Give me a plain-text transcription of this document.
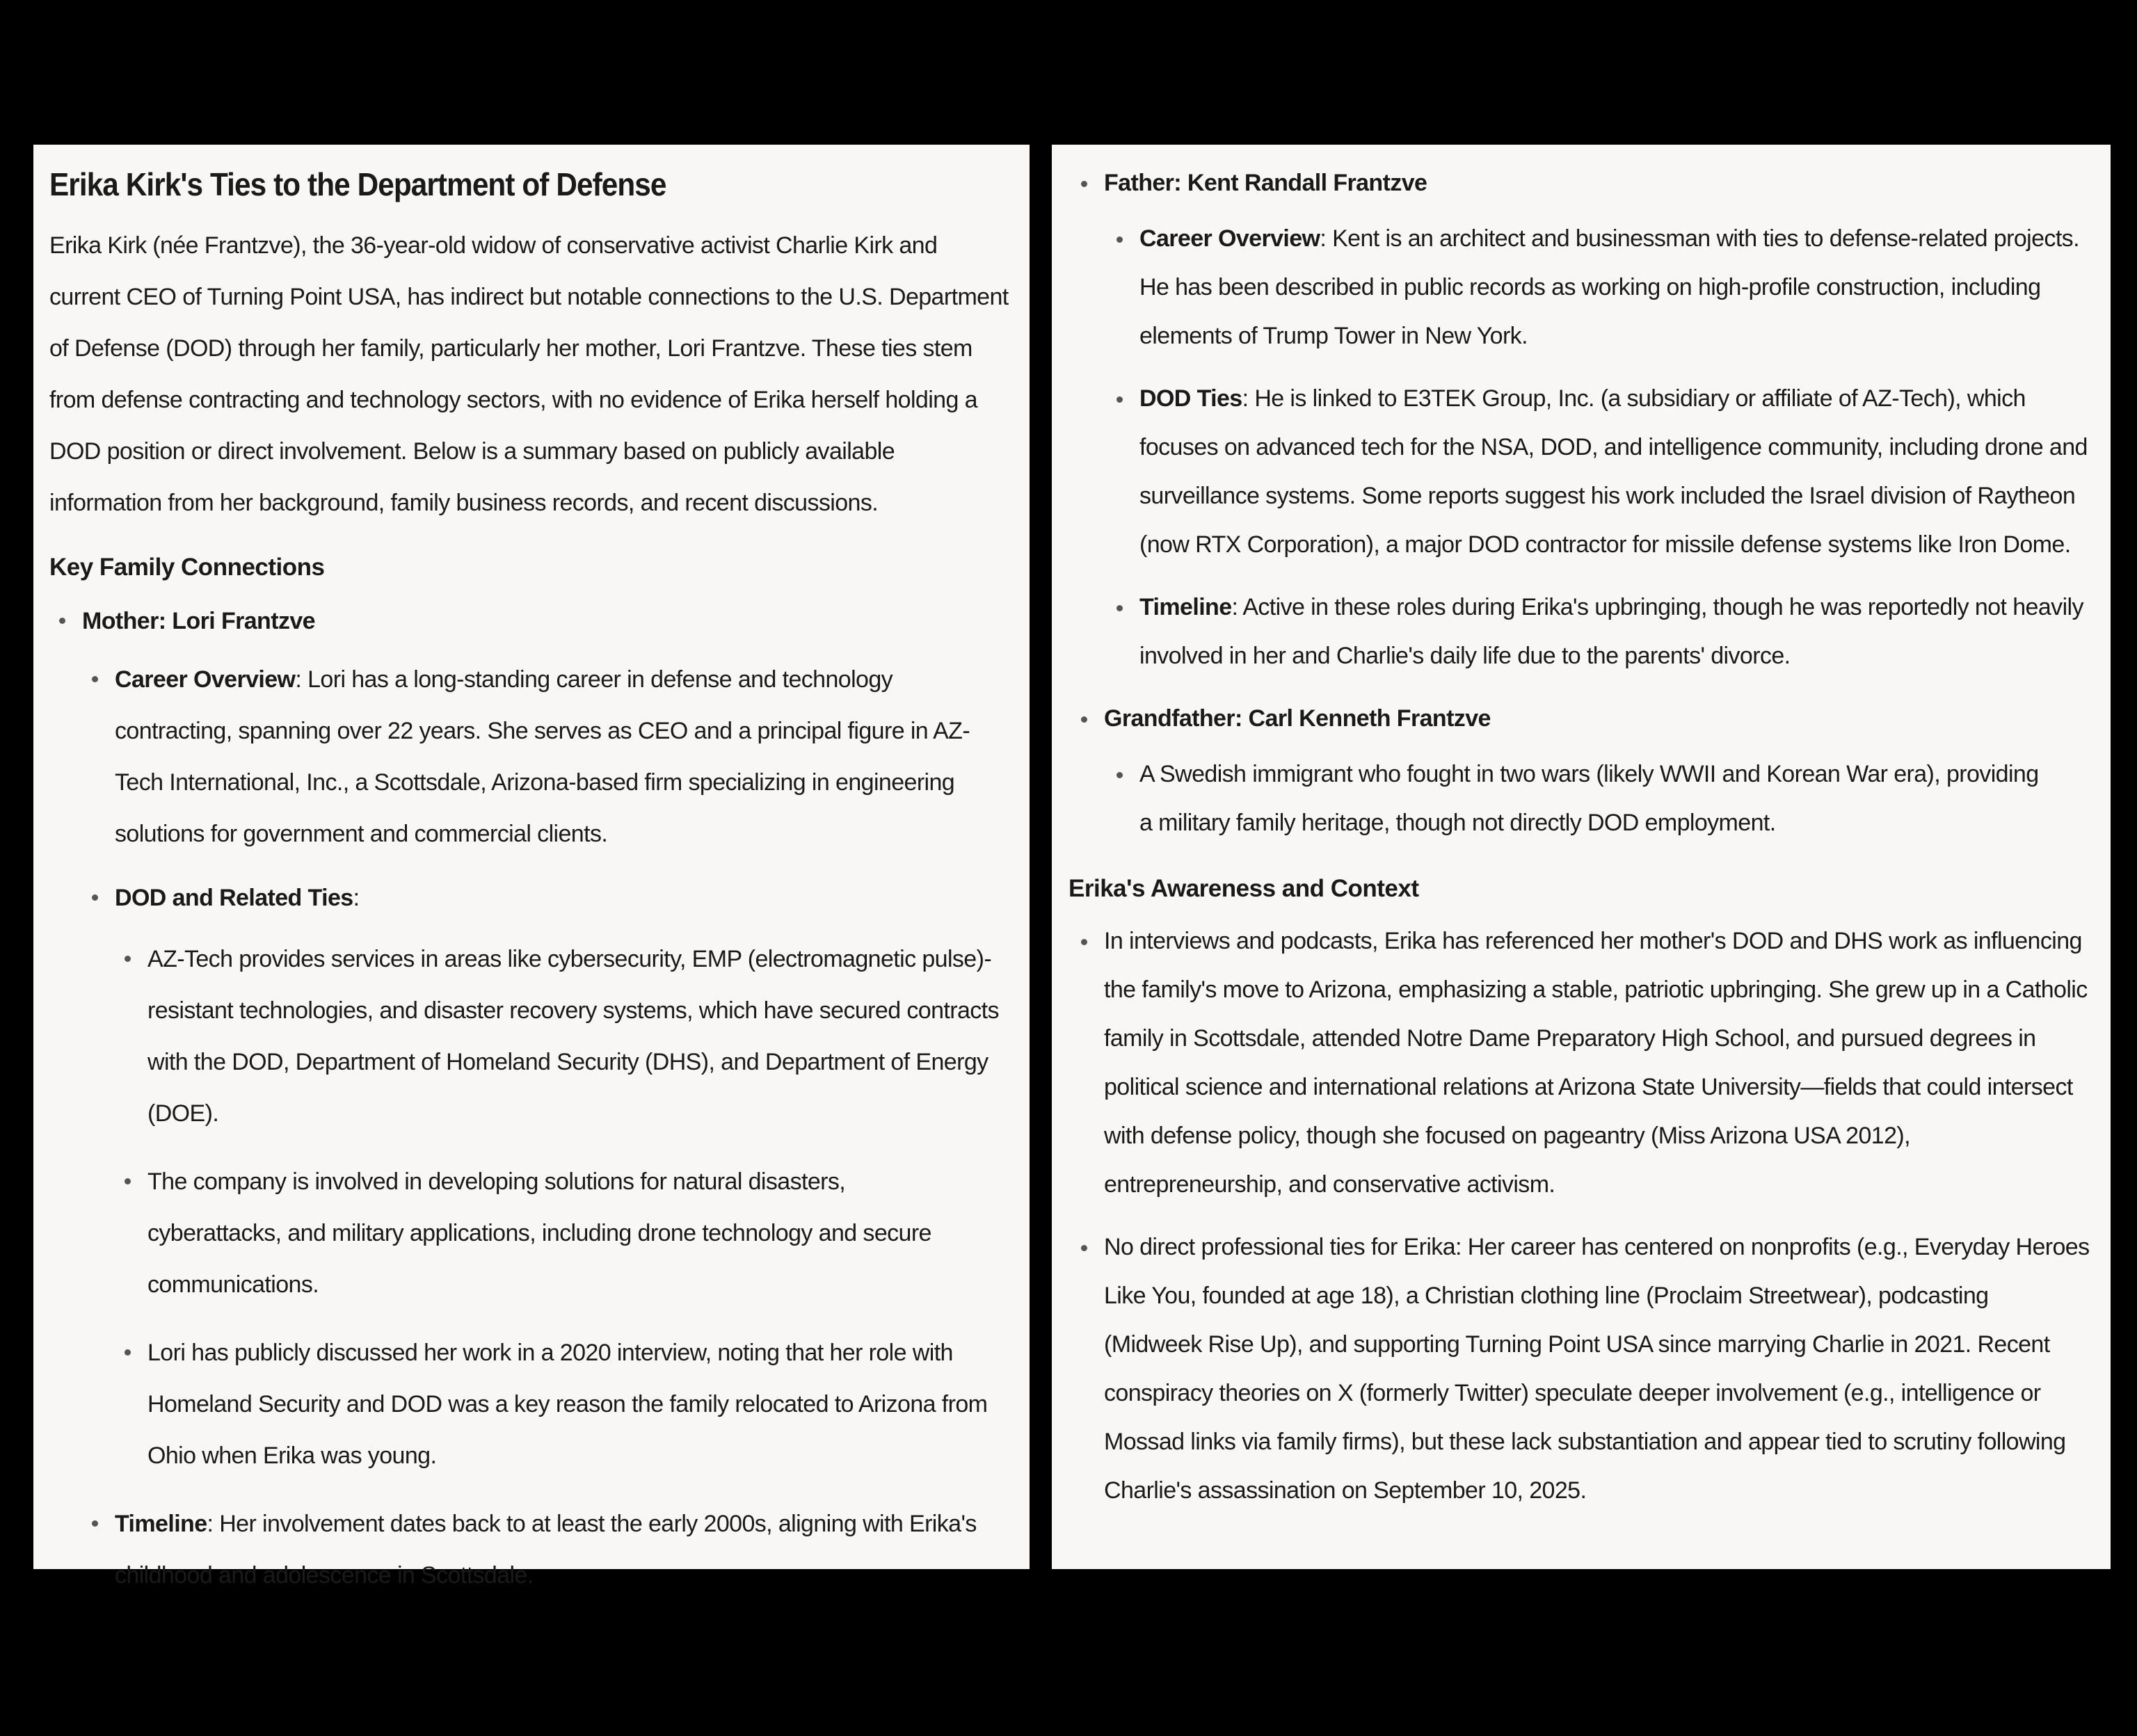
Erika Kirk's Ties to the Department of Defense

Erika Kirk (née Frantzve), the 36-year-old widow of conservative activist Charlie Kirk and current CEO of Turning Point USA, has indirect but notable connections to the U.S. Department of Defense (DOD) through her family, particularly her mother, Lori Frantzve. These ties stem from defense contracting and technology sectors, with no evidence of Erika herself holding a DOD position or direct involvement. Below is a summary based on publicly available information from her background, family business records, and recent discussions.

Key Family Connections
Mother: Lori Frantzve
Career Overview: Lori has a long-standing career in defense and technology contracting, spanning over 22 years. She serves as CEO and a principal figure in AZ-Tech International, Inc., a Scottsdale, Arizona-based firm specializing in engineering solutions for government and commercial clients.
DOD and Related Ties:
AZ-Tech provides services in areas like cybersecurity, EMP (electromagnetic pulse)-resistant technologies, and disaster recovery systems, which have secured contracts with the DOD, Department of Homeland Security (DHS), and Department of Energy (DOE).
The company is involved in developing solutions for natural disasters, cyberattacks, and military applications, including drone technology and secure communications.
Lori has publicly discussed her work in a 2020 interview, noting that her role with Homeland Security and DOD was a key reason the family relocated to Arizona from Ohio when Erika was young.
Timeline: Her involvement dates back to at least the early 2000s, aligning with Erika's childhood and adolescence in Scottsdale.
Father: Kent Randall Frantzve
Career Overview: Kent is an architect and businessman with ties to defense-related projects. He has been described in public records as working on high-profile construction, including elements of Trump Tower in New York.
DOD Ties: He is linked to E3TEK Group, Inc. (a subsidiary or affiliate of AZ-Tech), which focuses on advanced tech for the NSA, DOD, and intelligence community, including drone and surveillance systems. Some reports suggest his work included the Israel division of Raytheon (now RTX Corporation), a major DOD contractor for missile defense systems like Iron Dome.
Timeline: Active in these roles during Erika's upbringing, though he was reportedly not heavily involved in her and Charlie's daily life due to the parents' divorce.
Grandfather: Carl Kenneth Frantzve
A Swedish immigrant who fought in two wars (likely WWII and Korean War era), providing a military family heritage, though not directly DOD employment.
Erika's Awareness and Context
In interviews and podcasts, Erika has referenced her mother's DOD and DHS work as influencing the family's move to Arizona, emphasizing a stable, patriotic upbringing. She grew up in a Catholic family in Scottsdale, attended Notre Dame Preparatory High School, and pursued degrees in political science and international relations at Arizona State University—fields that could intersect with defense policy, though she focused on pageantry (Miss Arizona USA 2012), entrepreneurship, and conservative activism.
No direct professional ties for Erika: Her career has centered on nonprofits (e.g., Everyday Heroes Like You, founded at age 18), a Christian clothing line (Proclaim Streetwear), podcasting (Midweek Rise Up), and supporting Turning Point USA since marrying Charlie in 2021. Recent conspiracy theories on X (formerly Twitter) speculate deeper involvement (e.g., intelligence or Mossad links via family firms), but these lack substantiation and appear tied to scrutiny following Charlie's assassination on September 10, 2025.
